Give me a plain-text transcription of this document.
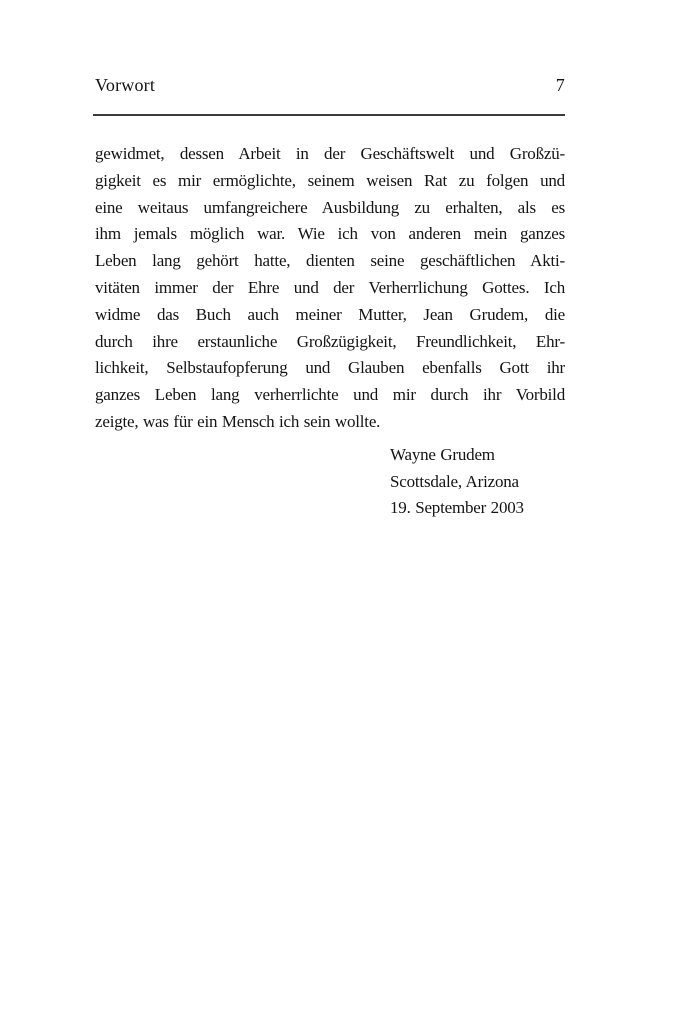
Vorwort	7
gewidmet, dessen Arbeit in der Geschäftswelt und Großzü-
gigkeit es mir ermöglichte, seinem weisen Rat zu folgen und
eine weitaus umfangreichere Ausbildung zu erhalten, als es
ihm jemals möglich war. Wie ich von anderen mein ganzes
Leben lang gehört hatte, dienten seine geschäftlichen Akti-
vitäten immer der Ehre und der Verherrlichung Gottes. Ich
widme das Buch auch meiner Mutter, Jean Grudem, die
durch ihre erstaunliche Großzügigkeit, Freundlichkeit, Ehr-
lichkeit, Selbstaufopferung und Glauben ebenfalls Gott ihr
ganzes Leben lang verherrlichte und mir durch ihr Vorbild
zeigte, was für ein Mensch ich sein wollte.
Wayne Grudem
Scottsdale, Arizona
19. September 2003
